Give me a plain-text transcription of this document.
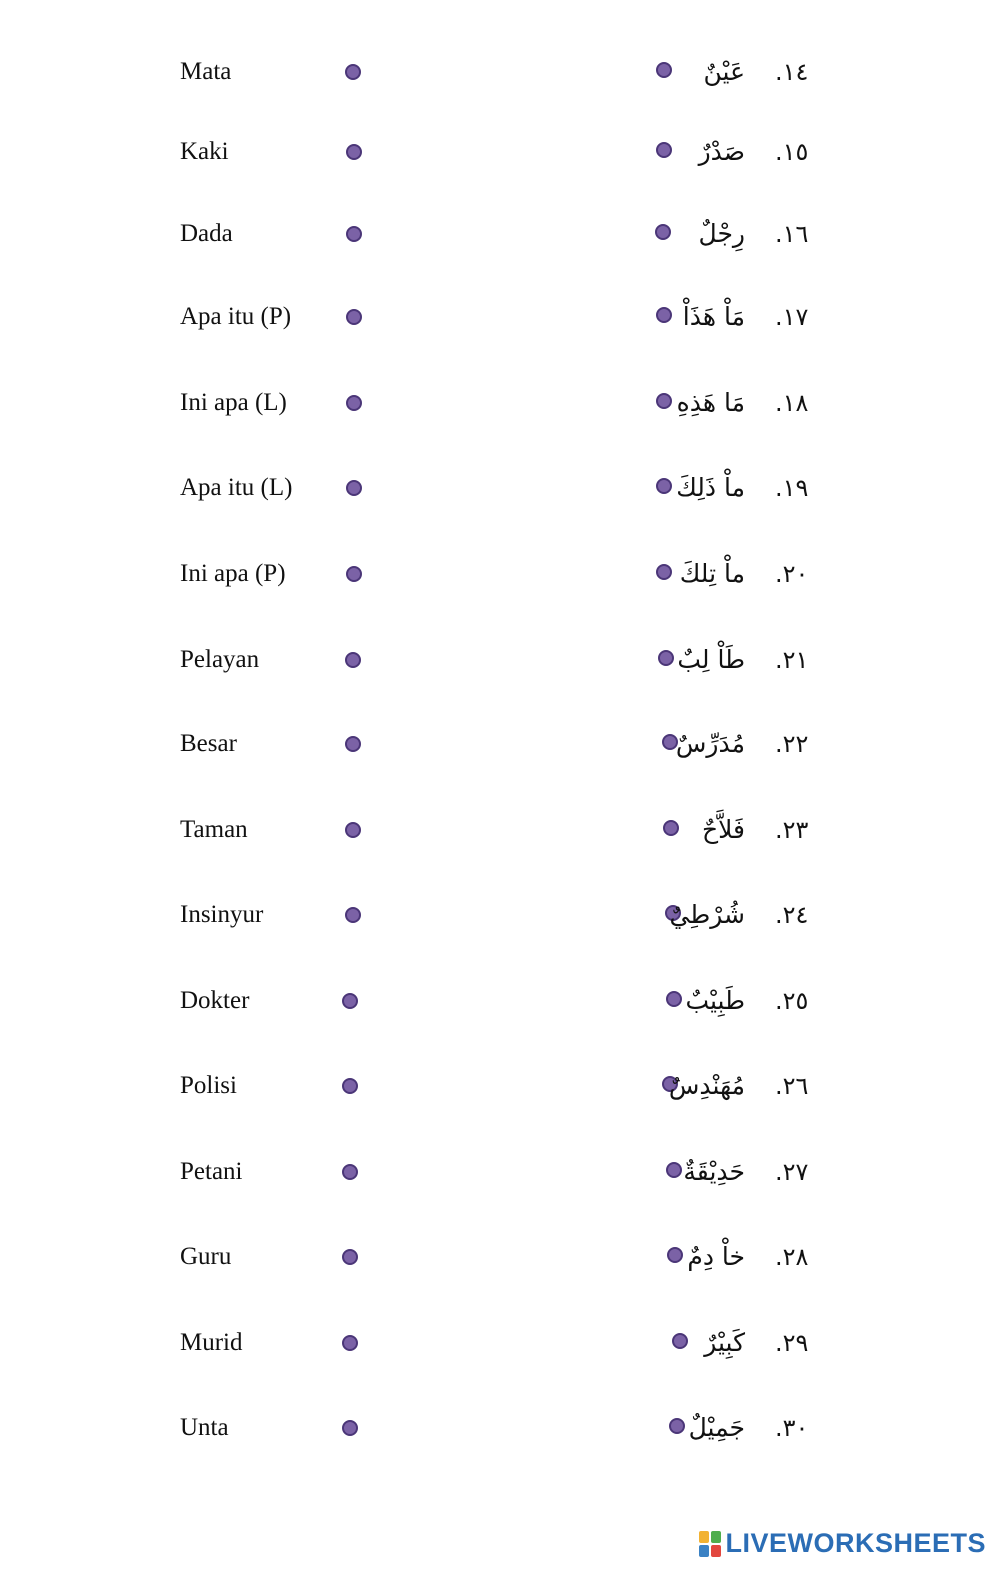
Mata	عَيْنٌ ١٤.
Kaki	صَدْرٌ ١٥.
Dada	رِجْلٌ ١٦.
Apa itu (P)	مَاْ هَذَاْ ١٧.
Ini apa (L)	مَا هَذِهِ ١٨.
Apa itu (L)	ماْ ذَلِكَ ١٩.
Ini apa (P)	ماْ تِلكَ ٢٠.
Pelayan	طَاْ لِبٌ ٢١.
Besar	مُدَرِّسٌ ٢٢.
Taman	فَلاَّحٌ ٢٣.
Insinyur	شُرْطِيٌ ٢٤.
Dokter	طَبِيْبٌ ٢٥.
Polisi	مُهَنْدِسٌ ٢٦.
Petani	حَدِيْقَةٌ ٢٧.
Guru	خاْ دِمٌ ٢٨.
Murid	كَبِيْرٌ ٢٩.
Unta	جَمِيْلٌ ٣٠.
LIVEWORKSHEETS
